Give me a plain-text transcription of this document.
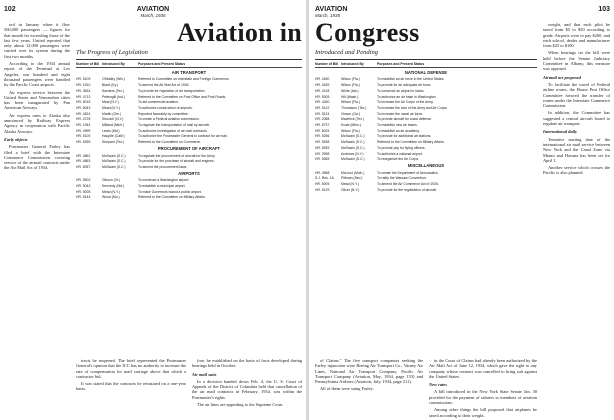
102	AVIATION
March, 1935

ord in January when it flew 560,000 passengers — figures for that month far exceeding those of the last few years. United reported that only about 12,000 passengers were carried over its system during the first two months.

According to the 1934 annual report of the Terminal at Los Angeles, one hundred and eight thousand passengers were handled by the Pacific Coast airports.

Air express service between the United States and Venezuelan cities has been inaugurated by Pan American Airways.

Air express rates to Alaska also announced by Railway Express Agency in cooperation with Pacific Alaska Airways.

Early objects

Postmaster General Farley has filed a brief with the Interstate Commerce Commission covering service of the airmail contracts under the Air Mail Act of 1934.

Aviation in
The Progress of Legislation
Number of Bill Introduced By	Purposes and Present Status
AIR TRANSPORT
HR. 5109	O'Malley (Wis.)	Referred to Committee on Interstate and Foreign Commerce.
HR. 1510	Black (Ky.)	To amend the Air Mail Act of 1934.
HR. 3534	Sanders (Tex.)	To provide for regulation of air transportation.
HR. 4713	Pettengill (Ind.)	Referred to the Committee on Post Office and Post Roads.
HR. 5015	Meal (N.Y.)	To aid commercial aviation.
HR. 5043	Mead (N.Y.)	To authorize construction of airports.
HR. 4824	Martin (Ore.)	Reported favorably by committee.
HR. 4725	Sirovich (N.Y.)	To create a Federal aviation commission.
HR. 1944	Milland (Mich.)	To regulate the transportation of mail by aircraft.
HR. 4999	Lewis (Md.)	To authorize investigation of air mail contracts.
HR. 5100	Hauptle (Calif.)	To authorize the Postmaster General to contract for air mail.
HR. 5259	Shepard (Tex.)	Referred to the Committee on Commerce.
PROCUREMENT OF AIRCRAFT
HR. 4862	McSwain (S.C.)	To regulate the procurement of aircraft for the Army.
HR. 4863	McSwain (S.C.)	To provide for the purchase of aircraft and engines.
HR. 5057	McSwain (S.C.)	To amend the procurement laws.
AIRPORTS
HR. 5502	Gibson (Vt.)	To construct a Washington airport.
HR. 5043	Kennedy (Md.)	To establish a municipal airport.
HR. 5005	Mead (N.Y.)	To make Governors Island a public airport.
HR. 5144	Wood (Mo.)	Referred to the Committee on Military Affairs.

tracts be reopened. The brief represented the Postmaster General's opinion that the ICC has no authority to increase the rate of compensation for mail carriage above that which a contractor bid.

It was stated that the contracts be reinstated on a one-year basis.

fore, be established on the basis of facts developed during hearings held in October.

Air mail suits

In a decision handed down Feb. 4, the U. S. Court of Appeals of the District of Columbia held that cancellation of the air mail contracts in February, 1934, was within the Postmaster's rights.

The air lines are appealing to the Supreme Court.

AVIATION
March, 1935
103
Congress
Introduced and Pending
Number of Bill Introduced By	Purposes and Present Status
NATIONAL DEFENSE
HR. 4180	Wilcox (Fla.)	To establish an air force in the United States.
HR. 4189	Wilcox (Fla.)	To provide for an adequate air force.
HR. 4128	White (Ida.)	To construct an airport in Idaho.
HR. 5305	Hill (Wash.)	To authorize an air base in Washington.
HR. 4260	Wilcox (Fla.)	To increase the Air Corps of the Army.
HR. 5122	Thomason (Tex.)	To increase the size of the Army and Air Corps.
HR. 5124	Vinson (Ga.)	To increase the naval air force.
HR. 2088	Maverick (Tex.)	To provide aircraft for coast defense.
HR. 5737	Kvale (Minn.)	To establish new air bases.
HR. 5025	Wilcox (Fla.)	To establish an air academy.
HR. 5256	McSwain (S.C.)	To provide for additional air stations.
HR. 5258	McSwain (S.C.)	Referred to the Committee on Military Affairs.
HR. 5259	McSwain (S.C.)	To provide pay for flying officers.
HR. 2998	Andrews (N.Y.)	To authorize a national airport.
HR. 5365	McSwain (S.C.)	To reorganize the Air Corps.
MISCELLANEOUS
HR. 4968	McLeod (Mich.)	To create the Department of Aeronautics.
S.J. Res. 1A	Pittman (Nev.)	To ratify the Warsaw Convention.
HR. 5005	Mead (N.Y.)	To amend the Air Commerce Act of 1926.
HR. 5129	Oliver (N.Y.)	To provide for the registration of aircraft.

of Claims." The five transport companies seeking the Farley injunction were Boeing Air Transport Co., Varney Air Lines, National Air Transport Company, Pacific Air Transport Company (Aviation, May, 1934, page 153) and Pennsylvania Airlines (Aviation, July, 1934, page 211).

All of them were suing Farley.

in the Court of Claims had already been authorized by the Air Mail Act of June 12, 1934, which gave the right to any company whose contract was cancelled to bring suit against the United States.

New rates

A bill introduced in the New York State Senate Jan. 30 provided for the payment of salaries to members of aviation commissions.

Among other things the bill proposed that airplanes be taxed according to their weight.

weight, and that each pilot be taxed from $5 to $50 according to grade. Airports were to pay $200, and each school, dealer and manufacturer from $25 to $100.

When hearings on the bill were held before the Senate Judiciary Committee in Albany, this measure was opposed.

Airmail act proposed

To facilitate the travel of Federal airline routes, the House Post Office Committee favored the transfer of routes under the Interstate Commerce Commission.

In addition, the Committee has suggested a central aircraft board to regulate air transport.

International daily

Tentative starting date of the international air mail service between New York and the Canal Zone via Miami and Havana has been set for April 1.

Another service which crosses the Pacific is also planned.
